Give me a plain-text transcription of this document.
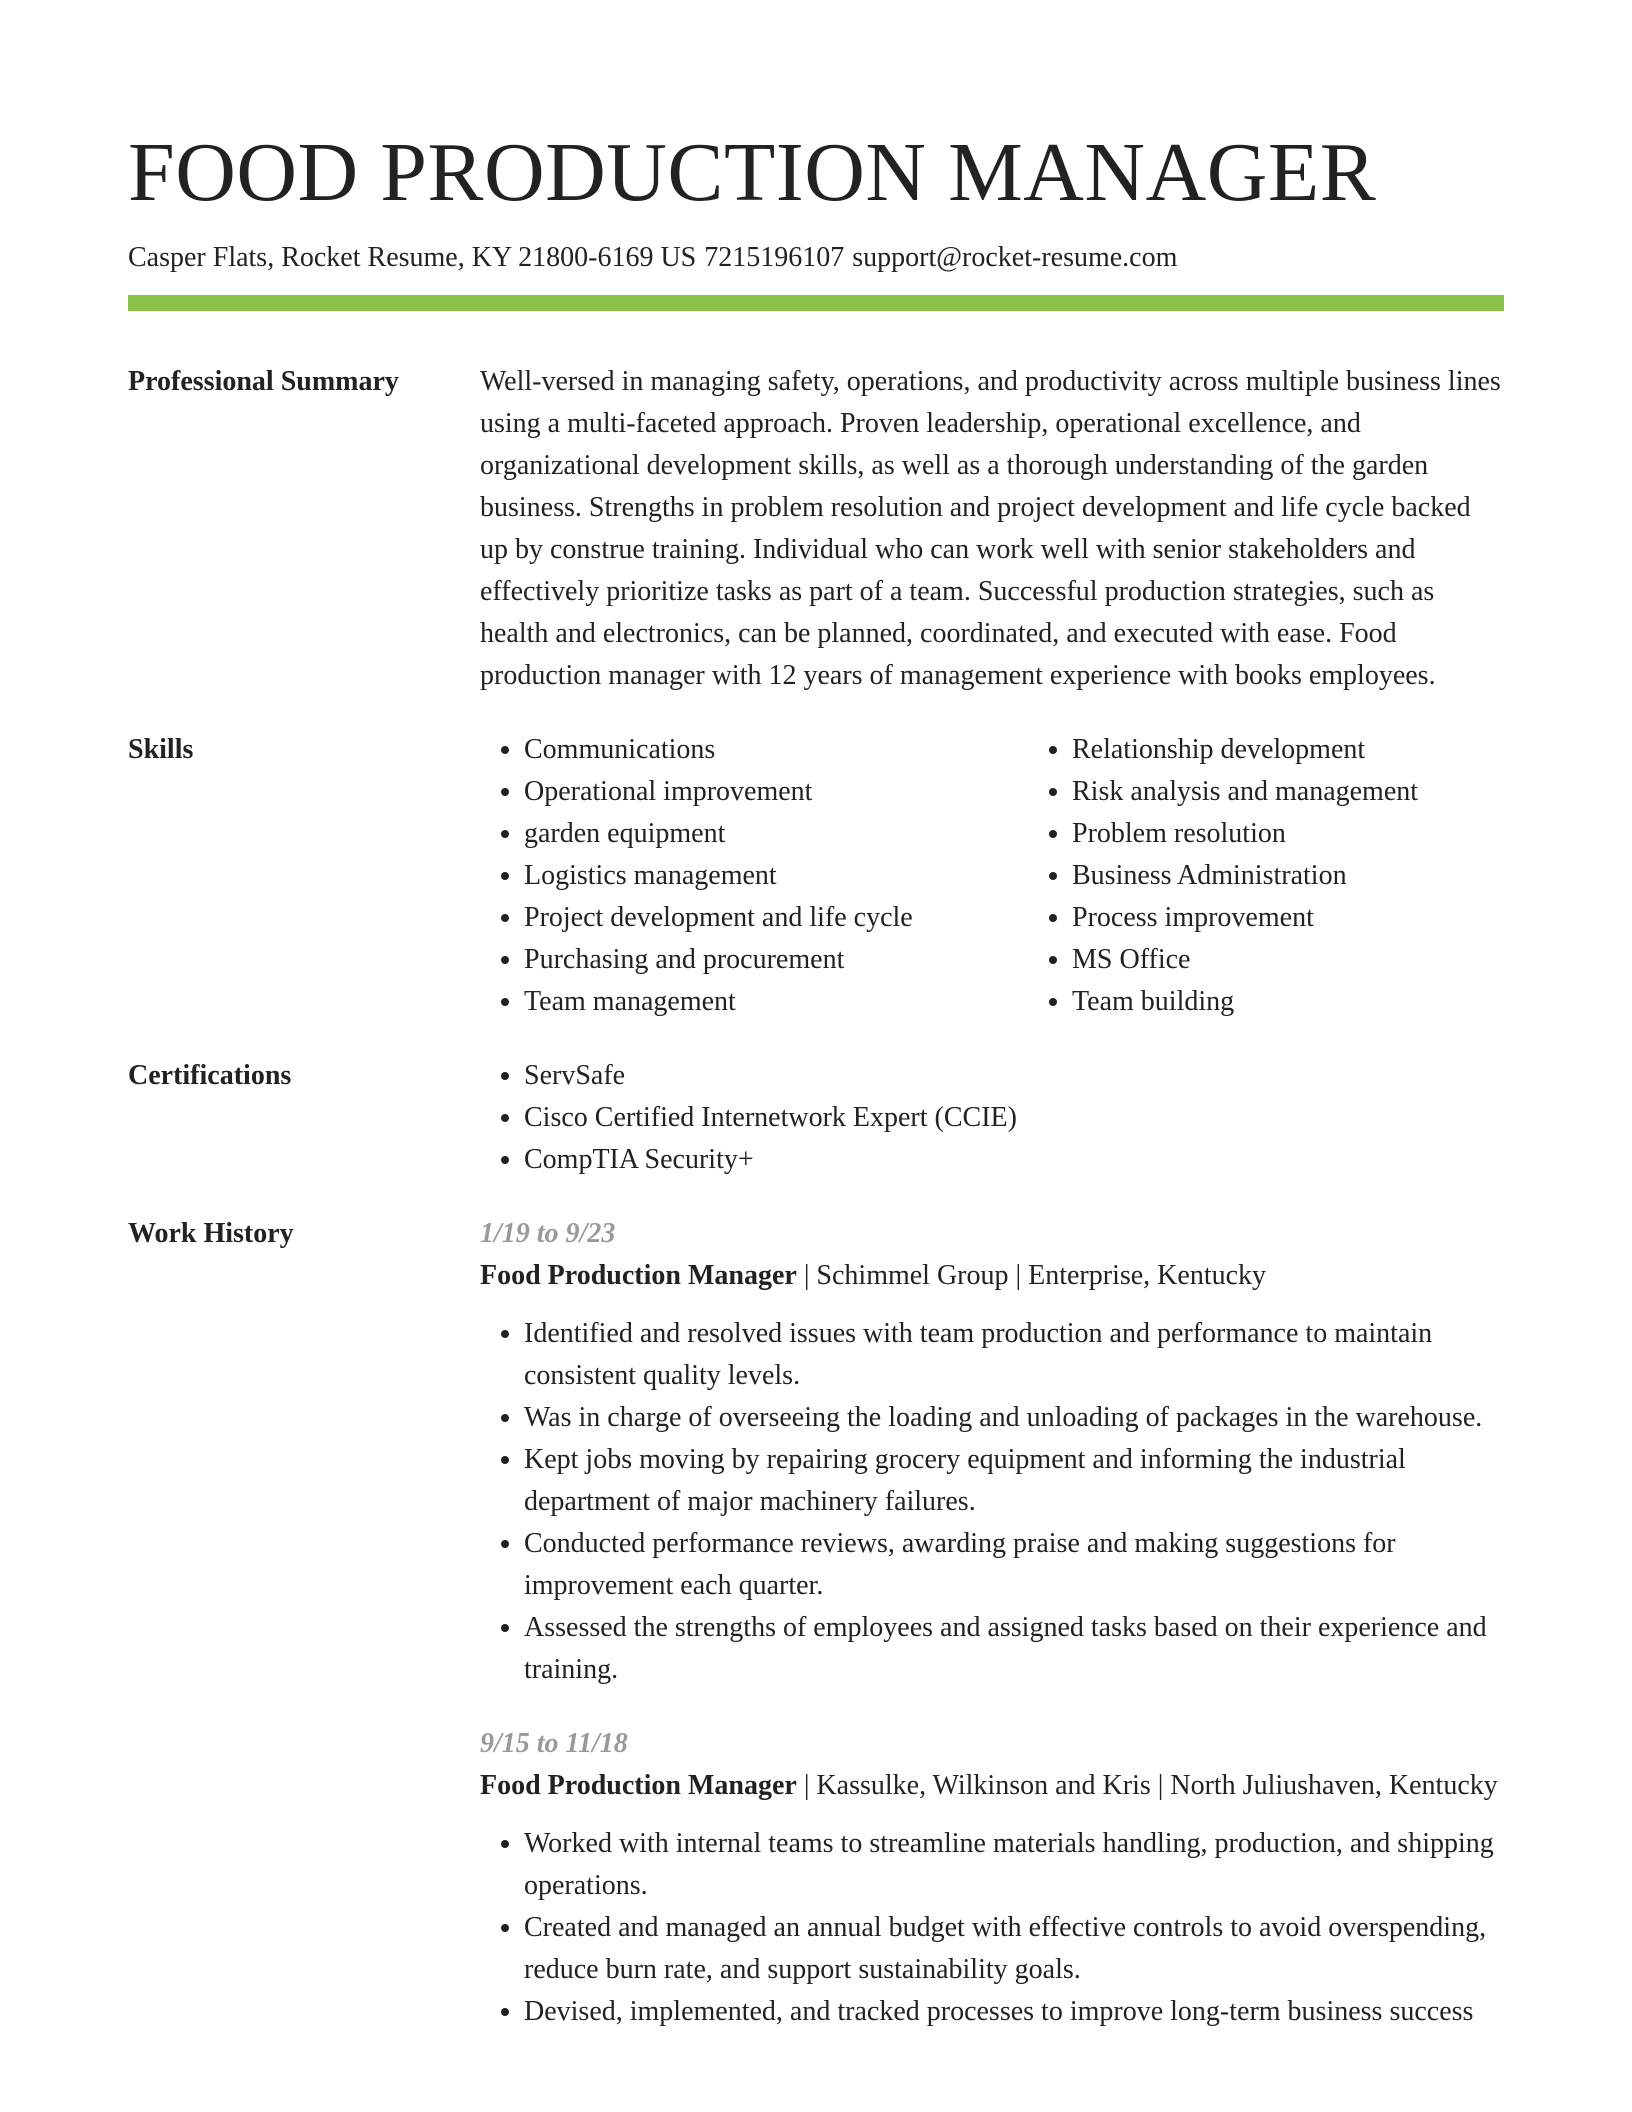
FOOD PRODUCTION MANAGER
Casper Flats, Rocket Resume, KY 21800-6169 US 7215196107 support@rocket-resume.com
Professional Summary	Well-versed in managing safety, operations, and productivity across multiple business lines using a multi-faceted approach. Proven leadership, operational excellence, and organizational development skills, as well as a thorough understanding of the garden business. Strengths in problem resolution and project development and life cycle backed up by construe training. Individual who can work well with senior stakeholders and effectively prioritize tasks as part of a team. Successful production strategies, such as health and electronics, can be planned, coordinated, and executed with ease. Food production manager with 12 years of management experience with books employees.

Skills	• Communications
• Operational improvement
• garden equipment
• Logistics management
• Project development and life cycle
• Purchasing and procurement
• Team management
• Relationship development
• Risk analysis and management
• Problem resolution
• Business Administration
• Process improvement
• MS Office
• Team building
Certifications	• ServSafe
• Cisco Certified Internetwork Expert (CCIE)
• CompTIA Security+
Work History	1/19 to 9/23
Food Production Manager | Schimmel Group | Enterprise, Kentucky
• Identified and resolved issues with team production and performance to maintain consistent quality levels.
• Was in charge of overseeing the loading and unloading of packages in the warehouse.
• Kept jobs moving by repairing grocery equipment and informing the industrial department of major machinery failures.
• Conducted performance reviews, awarding praise and making suggestions for improvement each quarter.
• Assessed the strengths of employees and assigned tasks based on their experience and training.
9/15 to 11/18
Food Production Manager | Kassulke, Wilkinson and Kris | North Juliushaven, Kentucky
• Worked with internal teams to streamline materials handling, production, and shipping operations.
• Created and managed an annual budget with effective controls to avoid overspending, reduce burn rate, and support sustainability goals.
• Devised, implemented, and tracked processes to improve long-term business success
